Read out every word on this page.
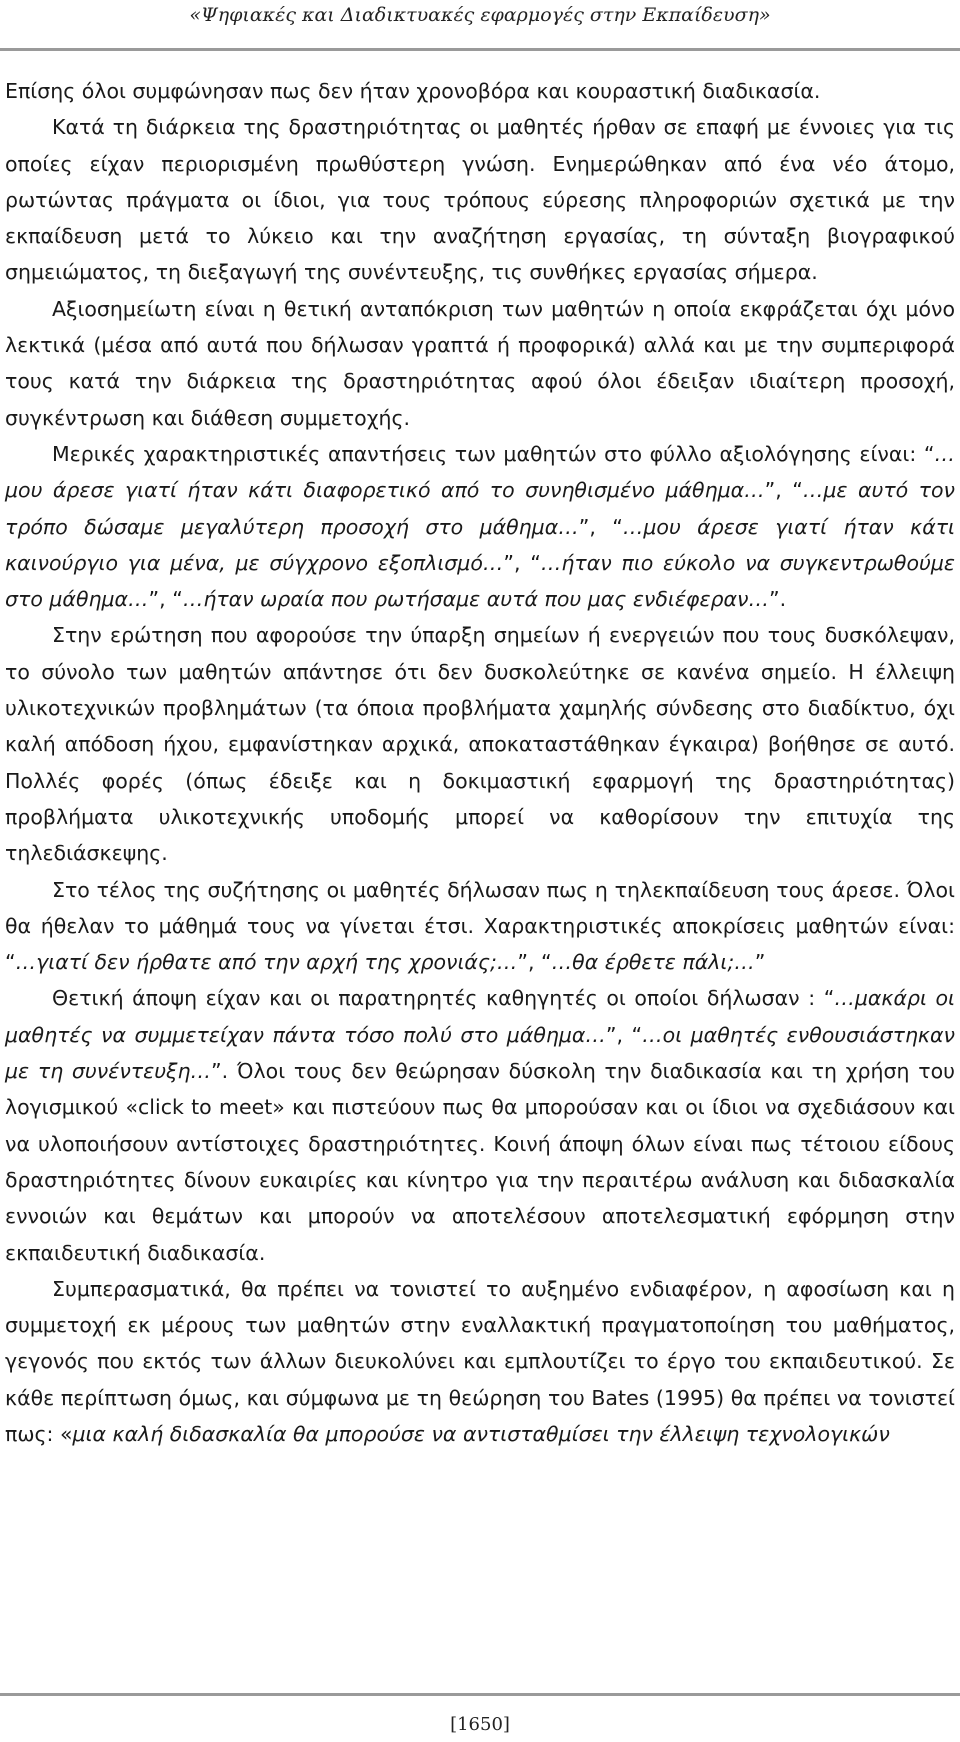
«Ψηφιακές και Διαδικτυακές εφαρμογές στην Εκπαίδευση»

Επίσης όλοι συμφώνησαν πως δεν ήταν χρονοβόρα και κουραστική διαδικασία.

Κατά τη διάρκεια της δραστηριότητας οι μαθητές ήρθαν σε επαφή με έννοιες για τις οποίες είχαν περιορισμένη πρωθύστερη γνώση. Ενημερώθηκαν από ένα νέο άτομο, ρωτώντας πράγματα οι ίδιοι, για τους τρόπους εύρεσης πληροφοριών σχετικά με την εκπαίδευση μετά το λύκειο και την αναζήτηση εργασίας, τη σύνταξη βιογραφικού σημειώματος, τη διεξαγωγή της συνέντευξης, τις συνθήκες εργασίας σήμερα.

Αξιοσημείωτη είναι η θετική ανταπόκριση των μαθητών η οποία εκφράζεται όχι μόνο λεκτικά (μέσα από αυτά που δήλωσαν γραπτά ή προφορικά) αλλά και με την συμπεριφορά τους κατά την διάρκεια της δραστηριότητας αφού όλοι έδειξαν ιδιαίτερη προσοχή, συγκέντρωση και διάθεση συμμετοχής.

Μερικές χαρακτηριστικές απαντήσεις των μαθητών στο φύλλο αξιολόγησης είναι: “…μου άρεσε γιατί ήταν κάτι διαφορετικό από το συνηθισμένο μάθημα…”, “…με αυτό τον τρόπο δώσαμε μεγαλύτερη προσοχή στο μάθημα…”, “…μου άρεσε γιατί ήταν κάτι καινούργιο για μένα, με σύγχρονο εξοπλισμό…”, “…ήταν πιο εύκολο να συγκεντρωθούμε στο μάθημα…”, “…ήταν ωραία που ρωτήσαμε αυτά που μας ενδιέφεραν…”.

Στην ερώτηση που αφορούσε την ύπαρξη σημείων ή ενεργειών που τους δυσκόλεψαν, το σύνολο των μαθητών απάντησε ότι δεν δυσκολεύτηκε σε κανένα σημείο. Η έλλειψη υλικοτεχνικών προβλημάτων (τα όποια προβλήματα χαμηλής σύνδεσης στο διαδίκτυο, όχι καλή απόδοση ήχου, εμφανίστηκαν αρχικά, αποκαταστάθηκαν έγκαιρα) βοήθησε σε αυτό. Πολλές φορές (όπως έδειξε και η δοκιμαστική εφαρμογή της δραστηριότητας) προβλήματα υλικοτεχνικής υποδομής μπορεί να καθορίσουν την επιτυχία της τηλεδιάσκεψης.

Στο τέλος της συζήτησης οι μαθητές δήλωσαν πως η τηλεκπαίδευση τους άρεσε. Όλοι θα ήθελαν το μάθημά τους να γίνεται έτσι. Χαρακτηριστικές αποκρίσεις μαθητών είναι: “…γιατί δεν ήρθατε από την αρχή της χρονιάς;…”, “…θα έρθετε πάλι;…”

Θετική άποψη είχαν και οι παρατηρητές καθηγητές οι οποίοι δήλωσαν : “…μακάρι οι μαθητές να συμμετείχαν πάντα τόσο πολύ στο μάθημα…”, “…οι μαθητές ενθουσιάστηκαν με τη συνέντευξη…”. Όλοι τους δεν θεώρησαν δύσκολη την διαδικασία και τη χρήση του λογισμικού «click to meet» και πιστεύουν πως θα μπορούσαν και οι ίδιοι να σχεδιάσουν και να υλοποιήσουν αντίστοιχες δραστηριότητες. Κοινή άποψη όλων είναι πως τέτοιου είδους δραστηριότητες δίνουν ευκαιρίες και κίνητρο για την περαιτέρω ανάλυση και διδασκαλία εννοιών και θεμάτων και μπορούν να αποτελέσουν αποτελεσματική εφόρμηση στην εκπαιδευτική διαδικασία.

Συμπερασματικά, θα πρέπει να τονιστεί το αυξημένο ενδιαφέρον, η αφοσίωση και η συμμετοχή εκ μέρους των μαθητών στην εναλλακτική πραγματοποίηση του μαθήματος, γεγονός που εκτός των άλλων διευκολύνει και εμπλουτίζει το έργο του εκπαιδευτικού. Σε κάθε περίπτωση όμως, και σύμφωνα με τη θεώρηση του Bates (1995) θα πρέπει να τονιστεί πως: «μια καλή διδασκαλία θα μπορούσε να αντισταθμίσει την έλλειψη τεχνολογικών

[1650]
